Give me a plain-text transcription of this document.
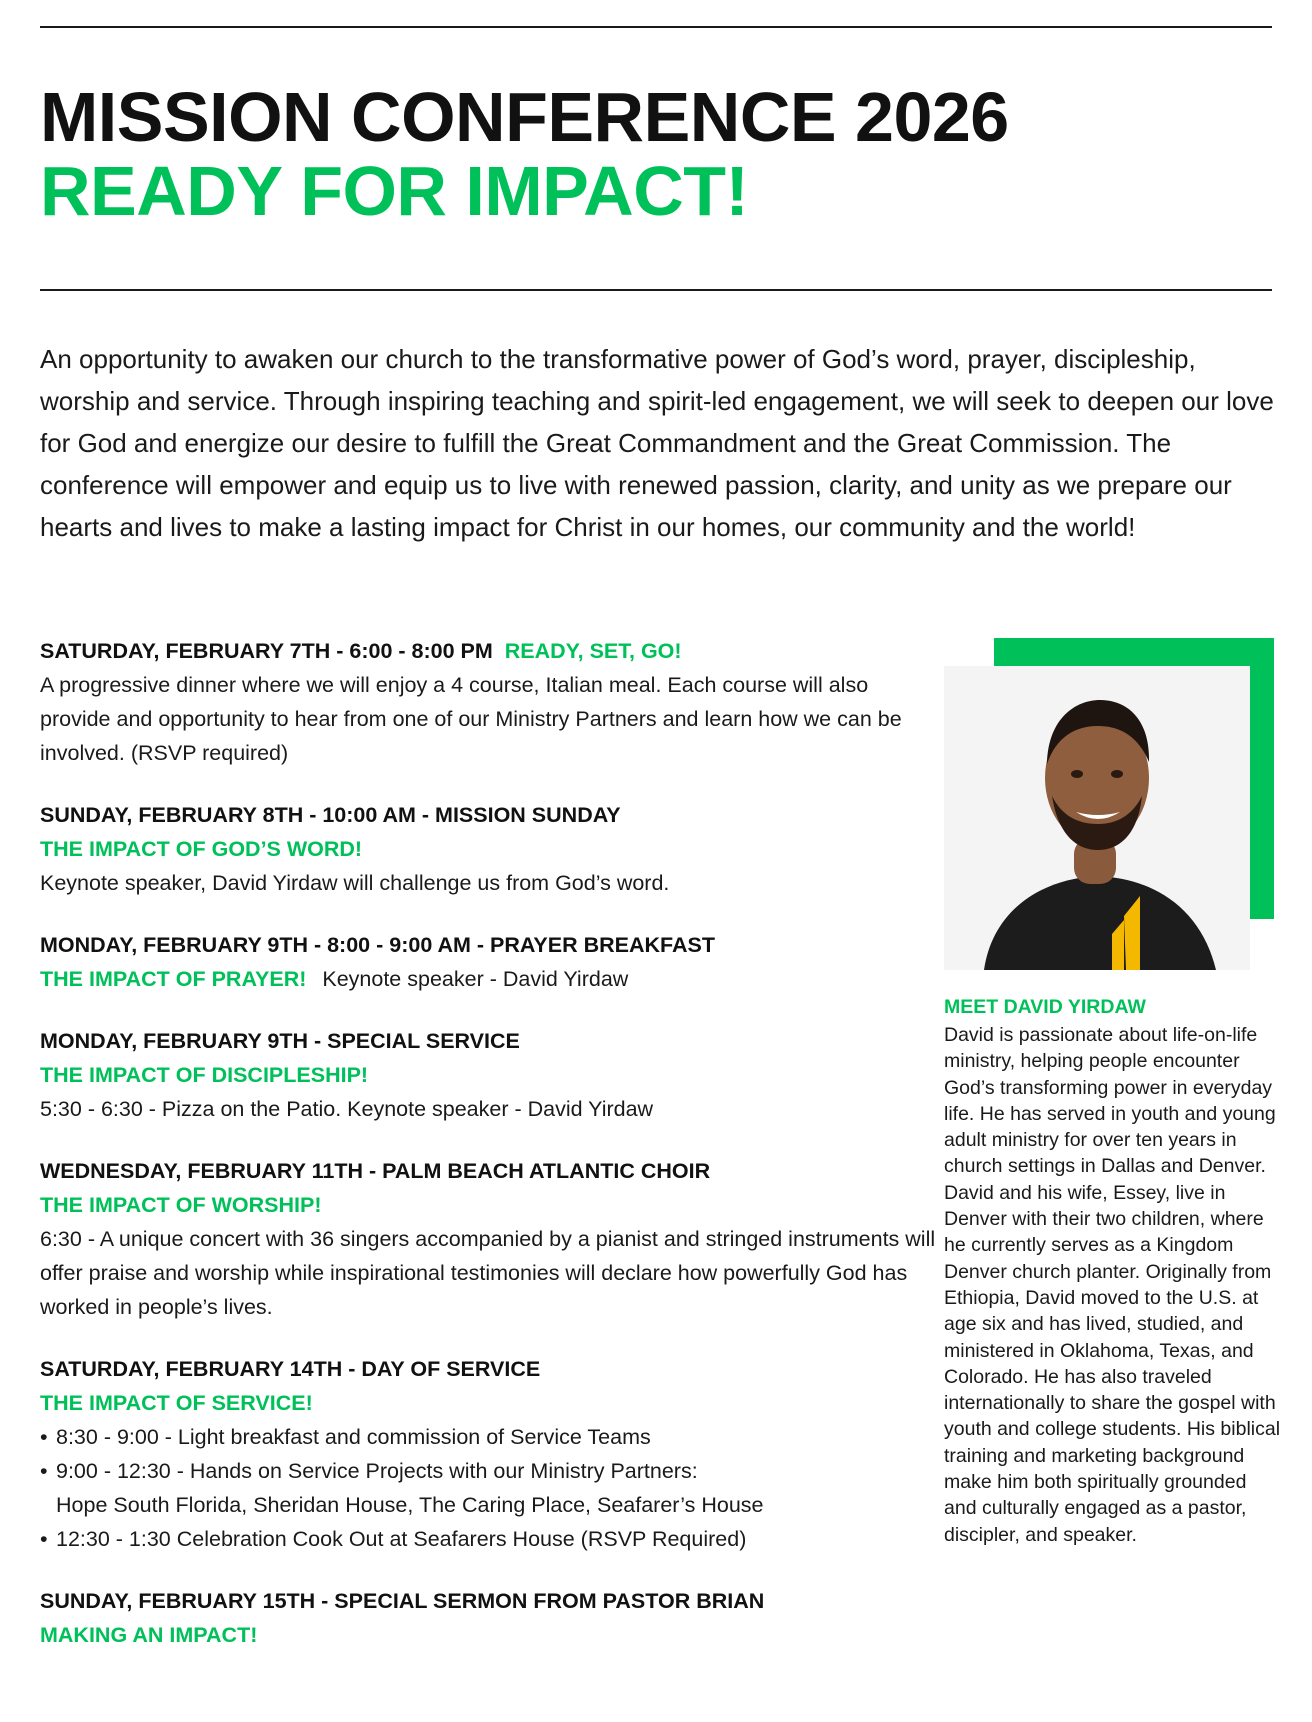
MISSION CONFERENCE 2026
READY FOR IMPACT!

An opportunity to awaken our church to the transformative power of God’s word, prayer, discipleship, worship and service. Through inspiring teaching and spirit-led engagement, we will seek to deepen our love for God and energize our desire to fulfill the Great Commandment and the Great Commission. The conference will empower and equip us to live with renewed passion, clarity, and unity as we prepare our hearts and lives to make a lasting impact for Christ in our homes, our community and the world!

SATURDAY, FEBRUARY 7TH - 6:00 - 8:00 PM READY, SET, GO!
A progressive dinner where we will enjoy a 4 course, Italian meal. Each course will also provide and opportunity to hear from one of our Ministry Partners and learn how we can be involved. (RSVP required)
SUNDAY, FEBRUARY 8TH - 10:00 AM - MISSION SUNDAY
THE IMPACT OF GOD’S WORD!
Keynote speaker, David Yirdaw will challenge us from God’s word.
MONDAY, FEBRUARY 9TH - 8:00 - 9:00 AM - PRAYER BREAKFAST
THE IMPACT OF PRAYER! Keynote speaker - David Yirdaw
MONDAY, FEBRUARY 9TH - SPECIAL SERVICE
THE IMPACT OF DISCIPLESHIP!
5:30 - 6:30 - Pizza on the Patio. Keynote speaker - David Yirdaw
WEDNESDAY, FEBRUARY 11TH - PALM BEACH ATLANTIC CHOIR
THE IMPACT OF WORSHIP!
6:30 - A unique concert with 36 singers accompanied by a pianist and stringed instruments will offer praise and worship while inspirational testimonies will declare how powerfully God has worked in people’s lives.
SATURDAY, FEBRUARY 14TH - DAY OF SERVICE
THE IMPACT OF SERVICE!
• 8:30 - 9:00 - Light breakfast and commission of Service Teams
• 9:00 - 12:30 - Hands on Service Projects with our Ministry Partners:
Hope South Florida, Sheridan House, The Caring Place, Seafarer’s House
• 12:30 - 1:30 Celebration Cook Out at Seafarers House (RSVP Required)
SUNDAY, FEBRUARY 15TH - SPECIAL SERMON FROM PASTOR BRIAN
MAKING AN IMPACT!

MEET DAVID YIRDAW

David is passionate about life-on-life ministry, helping people encounter God’s transforming power in everyday life. He has served in youth and young adult ministry for over ten years in church settings in Dallas and Denver. David and his wife, Essey, live in Denver with their two children, where he currently serves as a Kingdom Denver church planter. Originally from Ethiopia, David moved to the U.S. at age six and has lived, studied, and ministered in Oklahoma, Texas, and Colorado. He has also traveled internationally to share the gospel with youth and college students. His biblical training and marketing background make him both spiritually grounded and culturally engaged as a pastor, discipler, and speaker.
